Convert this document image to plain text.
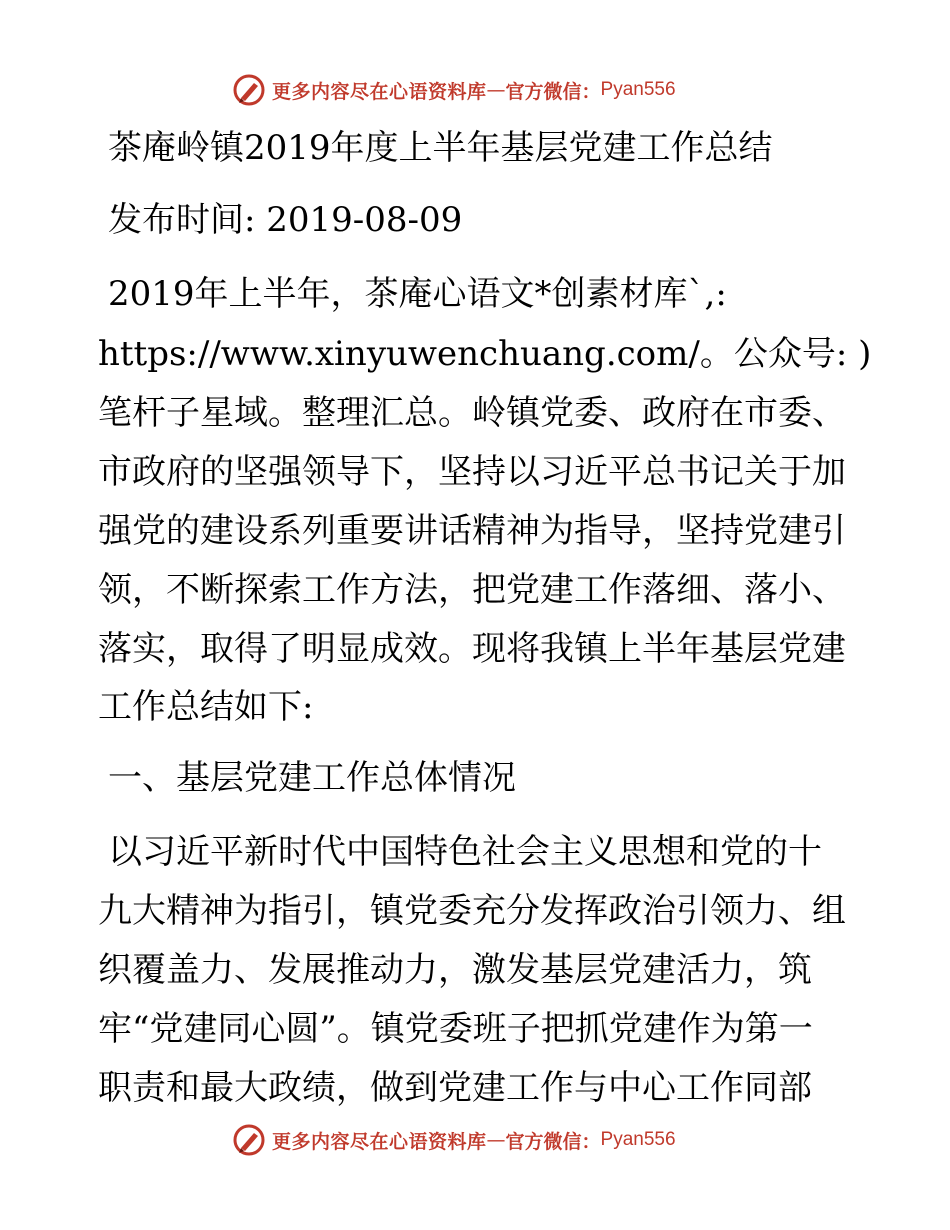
更多内容尽在心语资料库 — 官方微信： Pyan556
茶庵岭镇2019年度上半年基层党建工作总结
发布时间: 2019-08-09
2019年上半年，茶庵心语文*创素材库`,:
https://www.xinyuwenchuang.com/。公众号: )
笔杆子星域。整理汇总。岭镇党委、政府在市委、
市政府的坚强领导下，坚持以习近平总书记关于加
强党的建设系列重要讲话精神为指导，坚持党建引
领，不断探索工作方法，把党建工作落细、落小、
落实，取得了明显成效。现将我镇上半年基层党建
工作总结如下:
一、基层党建工作总体情况
以习近平新时代中国特色社会主义思想和党的十
九大精神为指引，镇党委充分发挥政治引领力、组
织覆盖力、发展推动力，激发基层党建活力，筑
牢“党建同心圆”。镇党委班子把抓党建作为第一
职责和最大政绩，做到党建工作与中心工作同部
更多内容尽在心语资料库 — 官方微信： Pyan556
